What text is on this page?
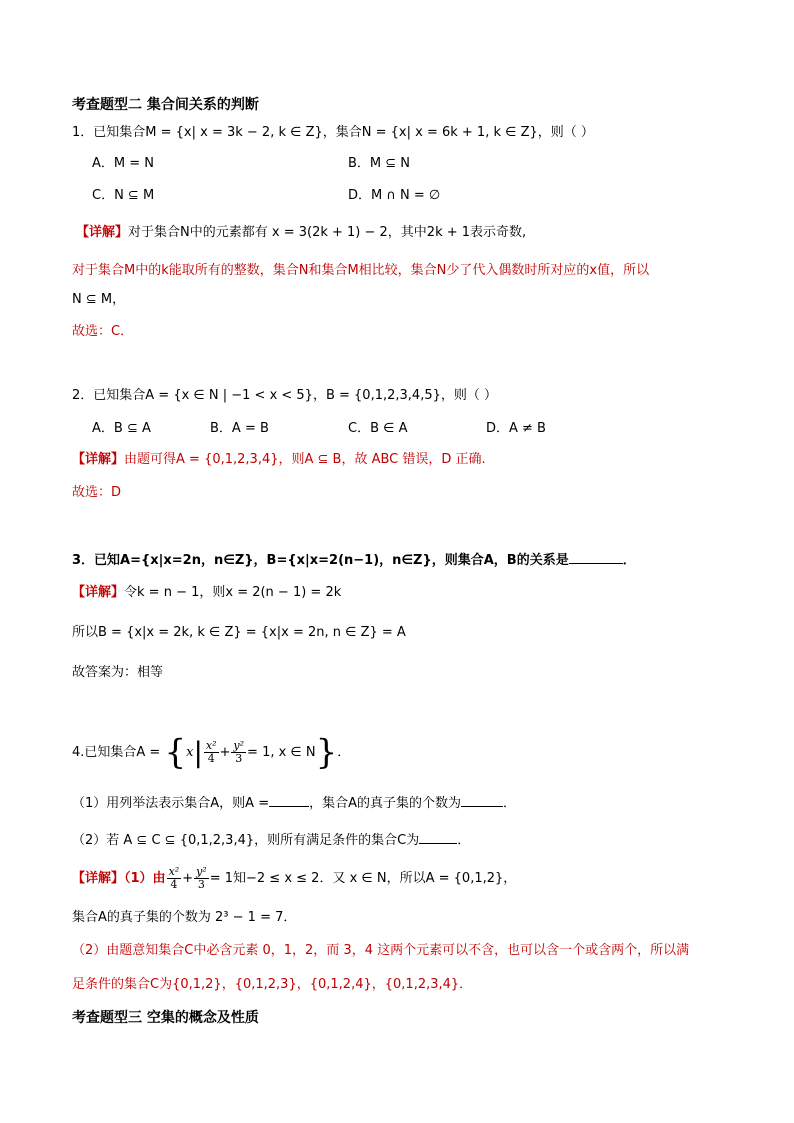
考查题型二 集合间关系的判断
1．已知集合M = {x| x = 3k − 2, k ∈ Z}，集合N = {x| x = 6k + 1, k ∈ Z}，则（ ）
A．M = N	B．M ⊆ N
C．N ⊆ M	D．M ∩ N = ∅
【详解】对于集合N中的元素都有 x = 3(2k + 1) − 2，其中2k + 1表示奇数,
对于集合M中的k能取所有的整数，集合N和集合M相比较，集合N少了代入偶数时所对应的x值，所以
N ⊆ M，
故选：C．
2．已知集合A = {x ∈ N | −1 < x < 5}，B = {0,1,2,3,4,5}，则（ ）
A．B ⊆ A	B．A = B	C．B ∈ A	D．A ≠ B
【详解】由题可得A = {0,1,2,3,4}，则A ⊆ B，故 ABC 错误，D 正确.
故选：D
3．已知A={x|x=2n，n∈Z}，B={x|x=2(n−1)，n∈Z}，则集合A，B的关系是	．
【详解】令k = n − 1，则x = 2(n − 1) = 2k
所以B = {x|x = 2k, k ∈ Z} = {x|x = 2n, n ∈ Z} = A
故答案为：相等
4.已知集合$A = \{x| \frac{\text{x²}}{4} + \frac{\text{y²}}{3} = 1$, x ∈ N}．
（1）用列举法表示集合A，则A =	，集合A的真子集的个数为	．
（2）若 A ⊆ C ⊆ {0,1,2,3,4}，则所有满足条件的集合C为	．
【详解】（1）由 $\frac{\text{x²}}{4} + \frac{\text{y²}}{3} = 1$知−2 ≤ x ≤ 2．又 x ∈ N，所以A = {0,1,2}，
集合A的真子集的个数为 2³ − 1 = 7．
（2）由题意知集合C中必含元素 0，1，2，而 3，4 这两个元素可以不含，也可以含一个或含两个，所以满
足条件的集合C为{0,1,2}，{0,1,2,3}，{0,1,2,4}，{0,1,2,3,4}．
考查题型三 空集的概念及性质
